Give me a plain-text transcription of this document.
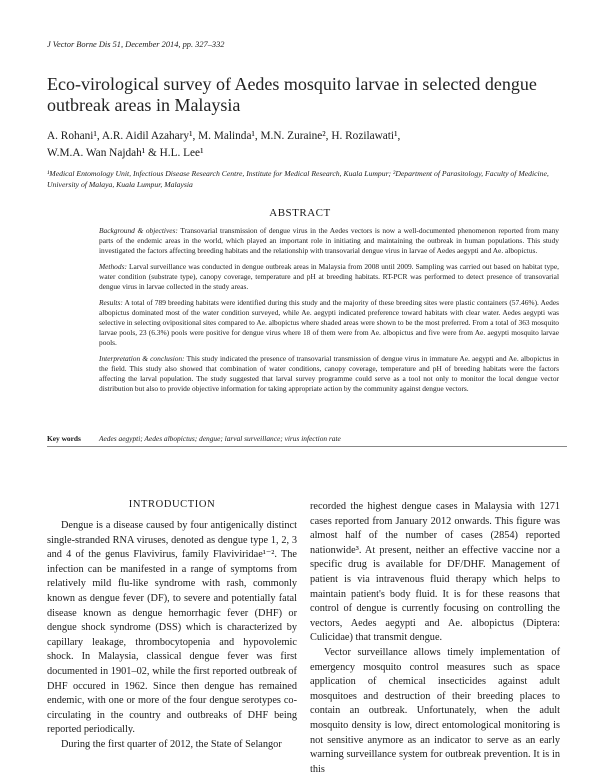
J Vector Borne Dis 51, December 2014, pp. 327–332
Eco-virological survey of Aedes mosquito larvae in selected dengue outbreak areas in Malaysia
A. Rohani¹, A.R. Aidil Azahary¹, M. Malinda¹, M.N. Zuraine², H. Rozilawati¹,
W.M.A. Wan Najdah¹ & H.L. Lee¹
¹Medical Entomology Unit, Infectious Disease Research Centre, Institute for Medical Research, Kuala Lumpur; ²Department of Parasitology, Faculty of Medicine, University of Malaya, Kuala Lumpur, Malaysia
ABSTRACT

Background & objectives: Transovarial transmission of dengue virus in the Aedes vectors is now a well-documented phenomenon reported from many parts of the endemic areas in the world, which played an important role in initiating and maintaining the outbreak in human populations. This study investigated the factors affecting breeding habitats and the relationship with transovarial dengue virus in larvae of Aedes aegypti and Ae. albopictus.

Methods: Larval surveillance was conducted in dengue outbreak areas in Malaysia from 2008 until 2009. Sampling was carried out based on habitat type, water condition (substrate type), canopy coverage, temperature and pH at breeding habitats. RT-PCR was performed to detect presence of transovarial dengue virus in larvae collected in the study areas.

Results: A total of 789 breeding habitats were identified during this study and the majority of these breeding sites were plastic containers (57.46%). Aedes albopictus dominated most of the water condition surveyed, while Ae. aegypti indicated preference toward habitats with clear water. Aedes aegypti was selective in selecting ovipositional sites compared to Ae. albopictus where shaded areas were shown to be the most preferred. From a total of 363 mosquito larvae pools, 23 (6.3%) pools were positive for dengue virus where 18 of them were from Ae. albopictus and five were from Ae. aegypti mosquito larvae pools.

Interpretation & conclusion: This study indicated the presence of transovarial transmission of dengue virus in immature Ae. aegypti and Ae. albopictus in the field. This study also showed that combination of water conditions, canopy coverage, temperature and pH of breeding habitats were the factors affecting the larval population. The study suggested that larval survey programme could serve as a tool not only to monitor the local dengue vector distribution but also to provide objective information for taking appropriate action by the community against dengue vectors.

Key words Aedes aegypti; Aedes albopictus; dengue; larval surveillance; virus infection rate
INTRODUCTION

Dengue is a disease caused by four antigenically distinct single-stranded RNA viruses, denoted as dengue type 1, 2, 3 and 4 of the genus Flavivirus, family Flaviviridae¹⁻². The infection can be manifested in a range of symptoms from relatively mild flu-like syndrome with rash, commonly known as dengue fever (DF), to severe and potentially fatal disease known as dengue hemorrhagic fever (DHF) or dengue shock syndrome (DSS) which is characterized by capillary leakage, thrombocytopenia and hypovolemic shock. In Malaysia, classical dengue fever was first documented in 1901–02, while the first reported outbreak of DHF occured in 1962. Since then dengue has remained endemic, with one or more of the four dengue serotypes co-circulating in the country and outbreaks of DHF being reported periodically.

During the first quarter of 2012, the State of Selangor

recorded the highest dengue cases in Malaysia with 1271 cases reported from January 2012 onwards. This figure was almost half of the number of cases (2854) reported nationwide³. At present, neither an effective vaccine nor a specific drug is available for DF/DHF. Management of patient is via intravenous fluid therapy which helps to maintain patient's body fluid. It is for these reasons that control of dengue is currently focusing on controlling the vectors, Aedes aegypti and Ae. albopictus (Diptera: Culicidae) that transmit dengue.

Vector surveillance allows timely implementation of emergency mosquito control measures such as space application of chemical insecticides against adult mosquitoes and destruction of their breeding places to contain an outbreak. Unfortunately, when the adult mosquito density is low, direct entomological monitoring is not sensitive anymore as an indicator to serve as an early warning surveillance system for outbreak prevention. It is in this
